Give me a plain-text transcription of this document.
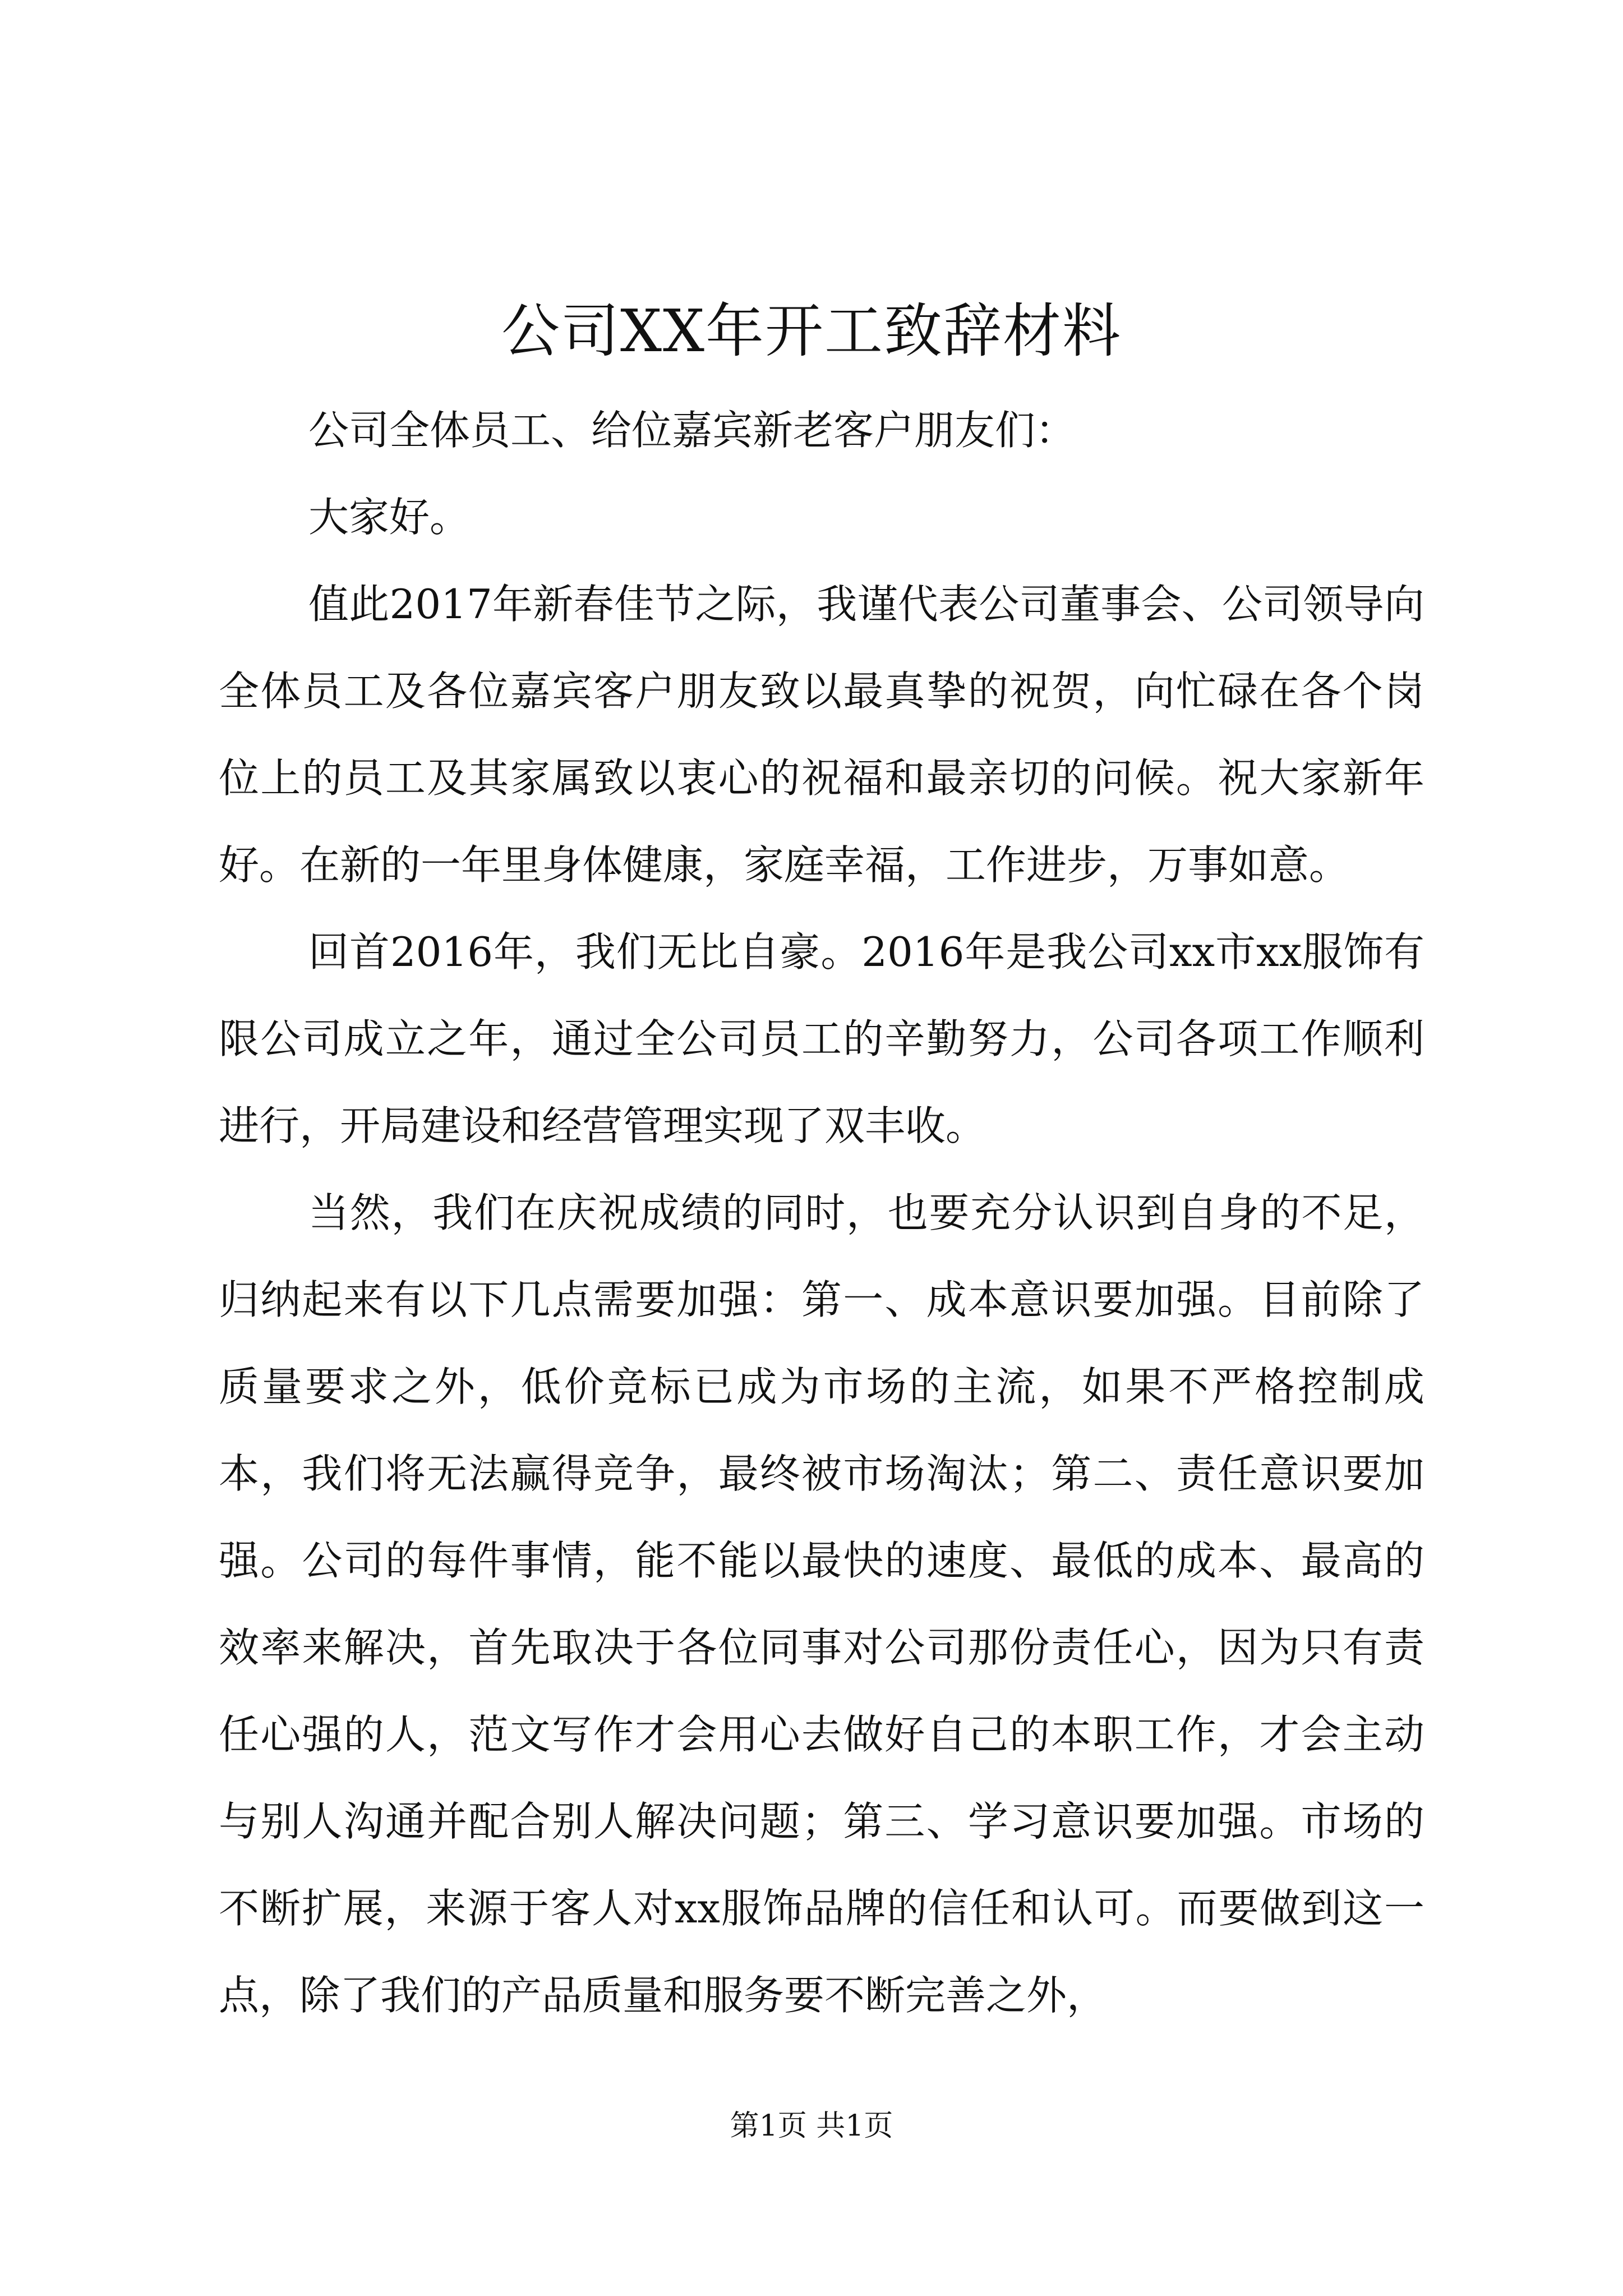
公司XX年开工致辞材料

公司全体员工、给位嘉宾新老客户朋友们：

大家好。

值此2017年新春佳节之际，我谨代表公司董事会、公司领导向全体员工及各位嘉宾客户朋友致以最真挚的祝贺，向忙碌在各个岗位上的员工及其家属致以衷心的祝福和最亲切的问候。祝大家新年好。在新的一年里身体健康，家庭幸福，工作进步，万事如意。

回首2016年，我们无比自豪。2016年是我公司xx市xx服饰有限公司成立之年，通过全公司员工的辛勤努力，公司各项工作顺利进行，开局建设和经营管理实现了双丰收。

当然，我们在庆祝成绩的同时，也要充分认识到自身的不足，归纳起来有以下几点需要加强：第一、成本意识要加强。目前除了质量要求之外，低价竞标已成为市场的主流，如果不严格控制成本，我们将无法赢得竞争，最终被市场淘汰；第二、责任意识要加强。公司的每件事情，能不能以最快的速度、最低的成本、最高的效率来解决，首先取决于各位同事对公司那份责任心，因为只有责任心强的人，范文写作才会用心去做好自己的本职工作，才会主动与别人沟通并配合别人解决问题；第三、学习意识要加强。市场的不断扩展，来源于客人对xx服饰品牌的信任和认可。而要做到这一点，除了我们的产品质量和服务要不断完善之外，

第1页 共1页
